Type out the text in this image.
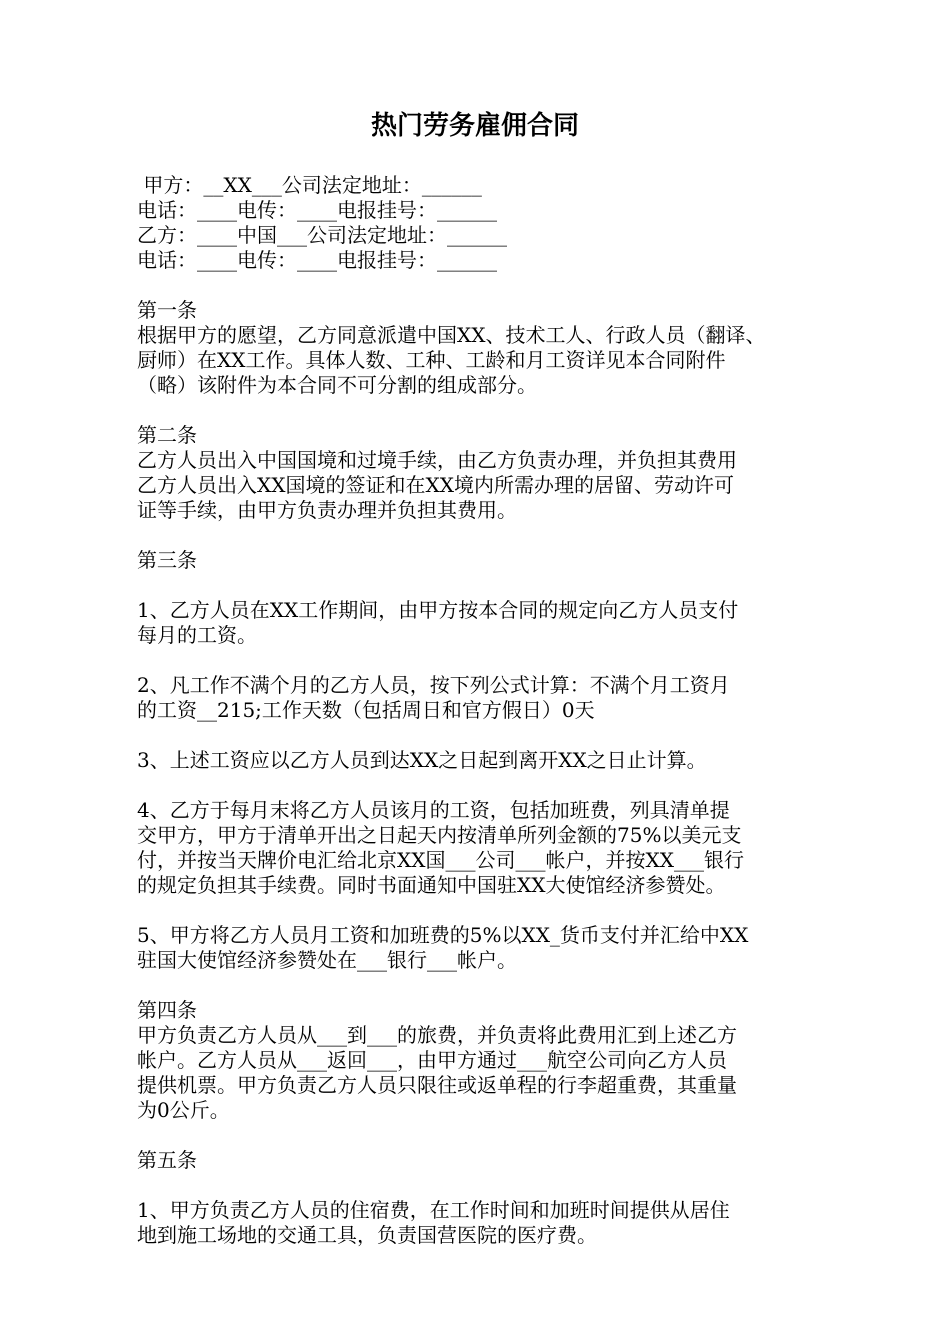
热门劳务雇佣合同
甲方：__XX___公司法定地址：______
电话：____电传：____电报挂号：______
乙方：____中国___公司法定地址：______
电话：____电传：____电报挂号：______
第一条
根据甲方的愿望，乙方同意派遣中国XX、技术工人、行政人员（翻译、
厨师）在XX工作。具体人数、工种、工龄和月工资详见本合同附件
（略）该附件为本合同不可分割的组成部分。
第二条
乙方人员出入中国国境和过境手续，由乙方负责办理，并负担其费用
乙方人员出入XX国境的签证和在XX境内所需办理的居留、劳动许可
证等手续，由甲方负责办理并负担其费用。
第三条
1、乙方人员在XX工作期间，由甲方按本合同的规定向乙方人员支付
每月的工资。
2、凡工作不满个月的乙方人员，按下列公式计算：不满个月工资月
的工资__215;工作天数（包括周日和官方假日）0天
3、上述工资应以乙方人员到达XX之日起到离开XX之日止计算。
4、乙方于每月末将乙方人员该月的工资，包括加班费，列具清单提
交甲方，甲方于清单开出之日起天内按清单所列金额的75%以美元支
付，并按当天牌价电汇给北京XX国___公司___帐户，并按XX___银行
的规定负担其手续费。同时书面通知中国驻XX大使馆经济参赞处。
5、甲方将乙方人员月工资和加班费的5%以XX_货币支付并汇给中XX
驻国大使馆经济参赞处在___银行___帐户。
第四条
甲方负责乙方人员从___到___的旅费，并负责将此费用汇到上述乙方
帐户。乙方人员从___返回___，由甲方通过___航空公司向乙方人员
提供机票。甲方负责乙方人员只限往或返单程的行李超重费，其重量
为0公斤。
第五条
1、甲方负责乙方人员的住宿费，在工作时间和加班时间提供从居住
地到施工场地的交通工具，负责国营医院的医疗费。
